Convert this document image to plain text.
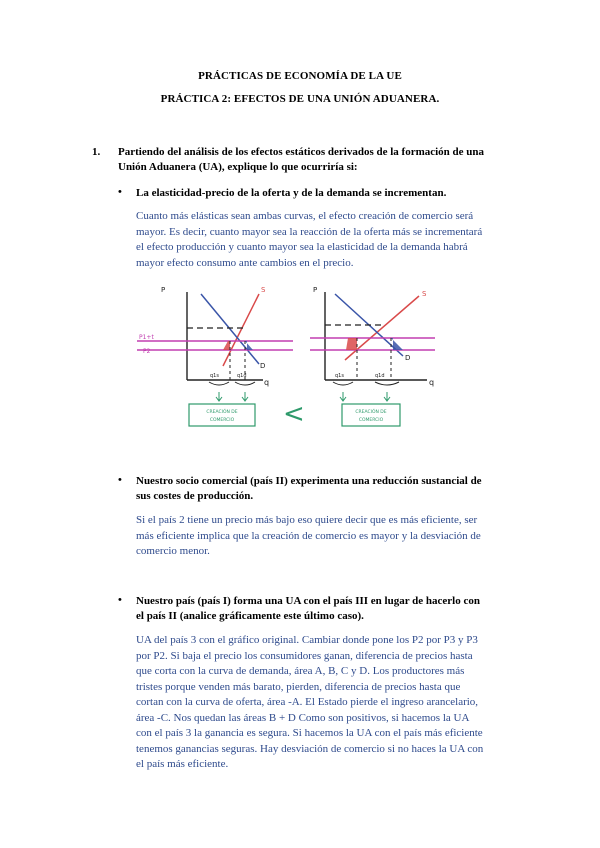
PRÁCTICAS DE ECONOMÍA DE LA UE
PRÁCTICA 2: EFECTOS DE UNA UNIÓN ADUANERA.
1. Partiendo del análisis de los efectos estáticos derivados de la formación de una
Unión Aduanera (UA), explique lo que ocurriría si:
• La elasticidad-precio de la oferta y de la demanda se incrementan.
Cuanto más elásticas sean ambas curvas, el efecto creación de comercio será
mayor. Es decir, cuanto mayor sea la reacción de la oferta más se incrementará
el efecto producción y cuanto mayor sea la elasticidad de la demanda habrá
mayor efecto consumo ante cambios en el precio.
P
q
S
D
P1+t
P2
q1s	q1d
CREACIÓN DE
COMERCIO <
P
q
S
D
q1s	q1d
CREACIÓN DE
COMERCIO
• Nuestro socio comercial (país II) experimenta una reducción sustancial de
sus costes de producción.
Si el país 2 tiene un precio más bajo eso quiere decir que es más eficiente, ser
más eficiente implica que la creación de comercio es mayor y la desviación de
comercio menor.
• Nuestro país (país I) forma una UA con el país III en lugar de hacerlo con
el país II (analice gráficamente este último caso).
UA del país 3 con el gráfico original. Cambiar donde pone los P2 por P3 y P3
por P2. Si baja el precio los consumidores ganan, diferencia de precios hasta
que corta con la curva de demanda, área A, B, C y D. Los productores más
tristes porque venden más barato, pierden, diferencia de precios hasta que
cortan con la curva de oferta, área -A. El Estado pierde el ingreso arancelario,
área -C. Nos quedan las áreas B + D Como son positivos, si hacemos la UA
con el país 3 la ganancia es segura. Si hacemos la UA con el país más eficiente
tenemos ganancias seguras. Hay desviación de comercio si no haces la UA con
el país más eficiente.
